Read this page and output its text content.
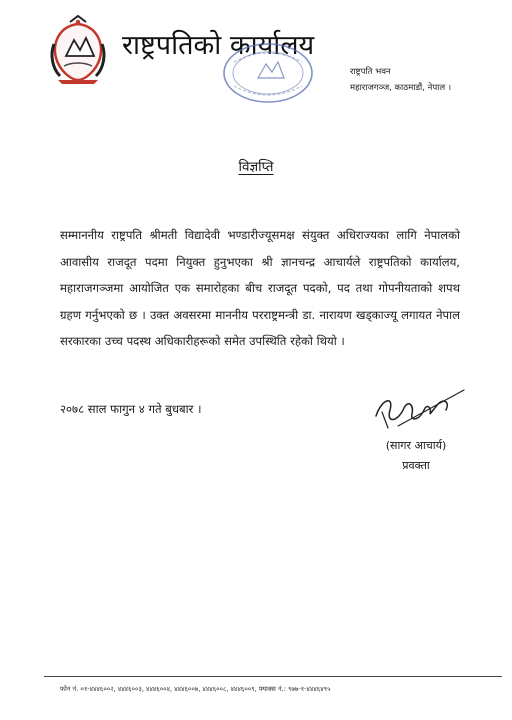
राष्ट्रपतिको कार्यालय
राष्ट्रपति भवन
महाराजगञ्ज, काठमाडौं, नेपाल ।
विज्ञप्ति
सम्माननीय राष्ट्रपति श्रीमती विद्यादेवी भण्डारीज्यूसमक्ष संयुक्त अधिराज्यका लागि नेपालको आवासीय राजदूत पदमा नियुक्त हुनुभएका श्री ज्ञानचन्द्र आचार्यले राष्ट्रपतिको कार्यालय, महाराजगञ्जमा आयोजित एक समारोहका बीच राजदूत पदको, पद तथा गोपनीयताको शपथ ग्रहण गर्नुभएको छ । उक्त अवसरमा माननीय परराष्ट्रमन्त्री डा. नारायण खड्काज्यू लगायत नेपाल सरकारका उच्च पदस्थ अधिकारीहरूको समेत उपस्थिति रहेको थियो ।
२०७८ साल फागुन ४ गते बुधबार ।
(सागर आचार्य)
प्रवक्ता
फोन नं. ०१-४४४६००२, ४४४६००३, ४४४६००४, ४४४६००७, ४४४६००८, ४४४६००९, फ्याक्स नं.: ९७७-१-४४४६४९५
